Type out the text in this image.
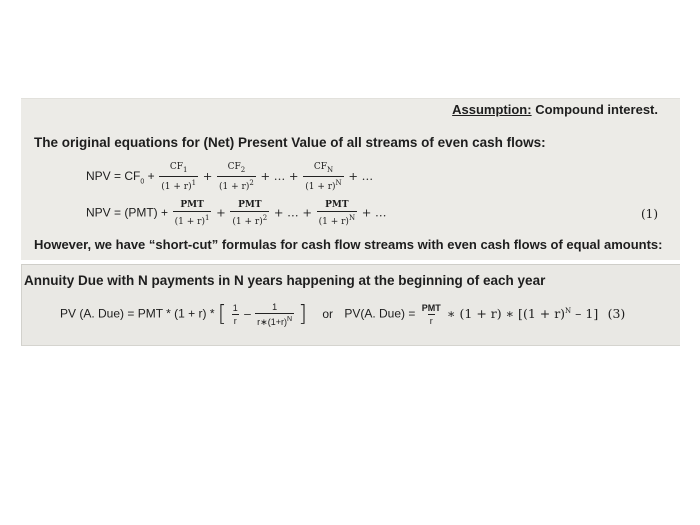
Assumption: Compound interest.
The original equations for (Net) Present Value of all streams of even cash flows:
NPV = $CF_0 + \frac{CF_1}{(1 + r)^1} + \frac{CF_2}{(1 + r)^2}$ + … + $\frac{CF_N}{(1 + r)^N}$ + …
NPV = $(PMT) + \frac{\text{PMT}}{(1 + r)^1} + \frac{\text{PMT}}{(1 + r)^2}$ + … + $\frac{\text{PMT}}{(1 + r)^N}$ + …	(1)
However, we have “short-cut” formulas for cash flow streams with even cash flows of equal amounts:
Annuity Due with N payments in N years happening at the beginning of each year
PV (A. Due) = PMT * (1 + r) * [ $\frac{1}{r} - \frac{1}{r∗(1+r)^N}$ ] or PV(A. $Due) = \frac{\text{PMT}}{r}$ ∗ (1 + r) ∗ $[(1 + r)^N - 1]$ (3)
